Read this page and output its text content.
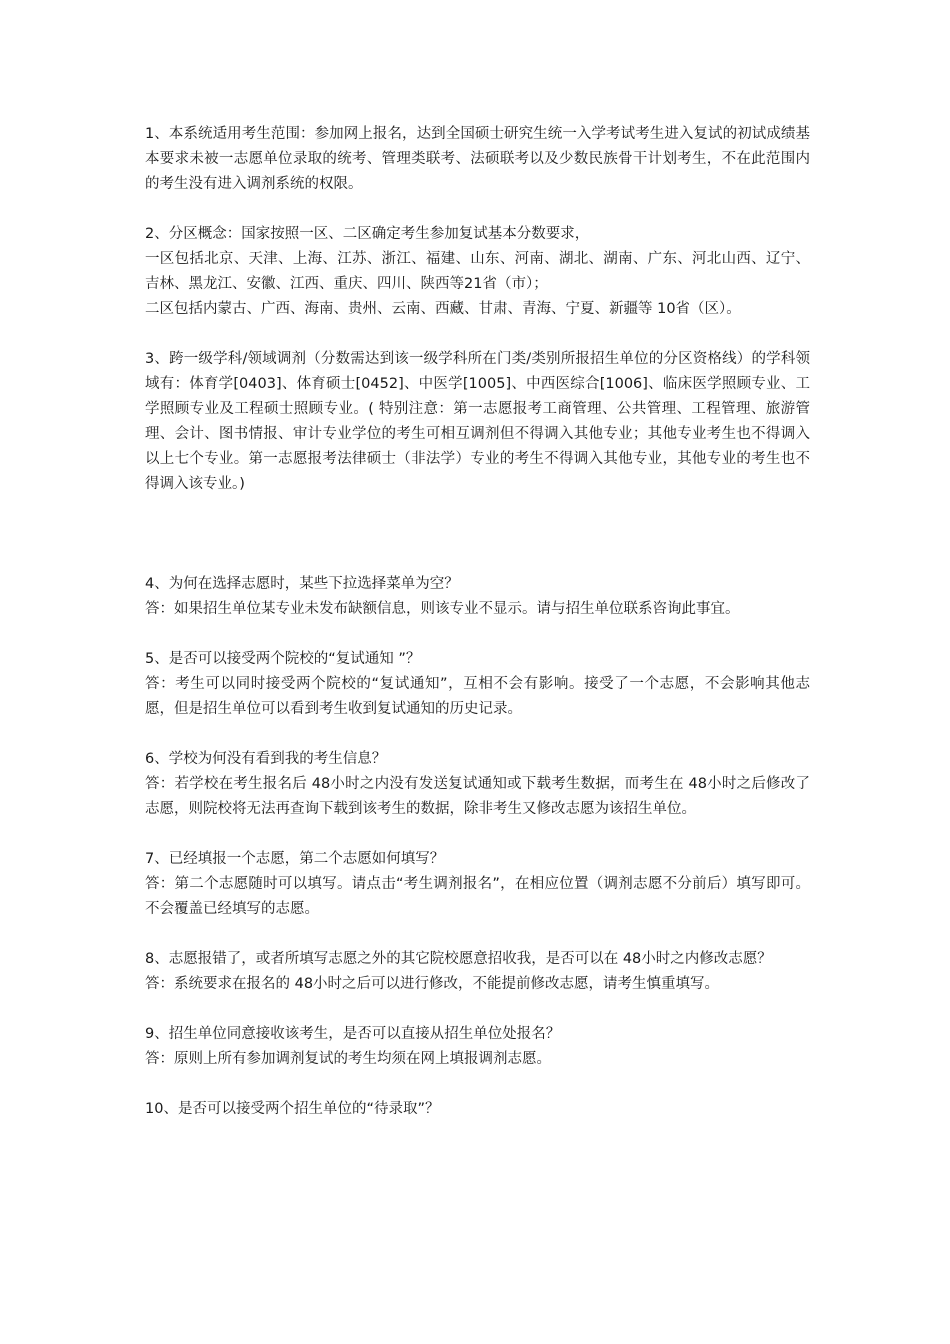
1、本系统适用考生范围：参加网上报名，达到全国硕士研究生统一入学考试考生进入复试的初试成绩基本要求未被一志愿单位录取的统考、管理类联考、法硕联考以及少数民族骨干计划考生，不在此范围内的考生没有进入调剂系统的权限。

2、分区概念：国家按照一区、二区确定考生参加复试基本分数要求，

一区包括北京、天津、上海、江苏、浙江、福建、山东、河南、湖北、湖南、广东、河北山西、辽宁、吉林、黑龙江、安徽、江西、重庆、四川、陕西等21省（市）；

二区包括内蒙古、广西、海南、贵州、云南、西藏、甘肃、青海、宁夏、新疆等 10省（区）。

3、跨一级学科/领域调剂（分数需达到该一级学科所在门类/类别所报招生单位的分区资格线）的学科领域有：体育学[0403]、体育硕士[0452]、中医学[1005]、中西医综合[1006]、临床医学照顾专业、工学照顾专业及工程硕士照顾专业。( 特别注意：第一志愿报考工商管理、公共管理、工程管理、旅游管理、会计、图书情报、审计专业学位的考生可相互调剂但不得调入其他专业；其他专业考生也不得调入以上七个专业。第一志愿报考法律硕士（非法学）专业的考生不得调入其他专业，其他专业的考生也不得调入该专业。)

4、为何在选择志愿时，某些下拉选择菜单为空？

答：如果招生单位某专业未发布缺额信息，则该专业不显示。请与招生单位联系咨询此事宜。

5、是否可以接受两个院校的“复试通知 ”？

答：考生可以同时接受两个院校的“复试通知”，互相不会有影响。接受了一个志愿，不会影响其他志愿，但是招生单位可以看到考生收到复试通知的历史记录。

6、学校为何没有看到我的考生信息？

答：若学校在考生报名后 48小时之内没有发送复试通知或下载考生数据，而考生在 48小时之后修改了志愿，则院校将无法再查询下载到该考生的数据，除非考生又修改志愿为该招生单位。

7、已经填报一个志愿，第二个志愿如何填写？

答：第二个志愿随时可以填写。请点击“考生调剂报名”，在相应位置（调剂志愿不分前后）填写即可。不会覆盖已经填写的志愿。

8、志愿报错了，或者所填写志愿之外的其它院校愿意招收我，是否可以在 48小时之内修改志愿？

答：系统要求在报名的 48小时之后可以进行修改，不能提前修改志愿，请考生慎重填写。

9、招生单位同意接收该考生，是否可以直接从招生单位处报名？

答：原则上所有参加调剂复试的考生均须在网上填报调剂志愿。

10、是否可以接受两个招生单位的“待录取”？
